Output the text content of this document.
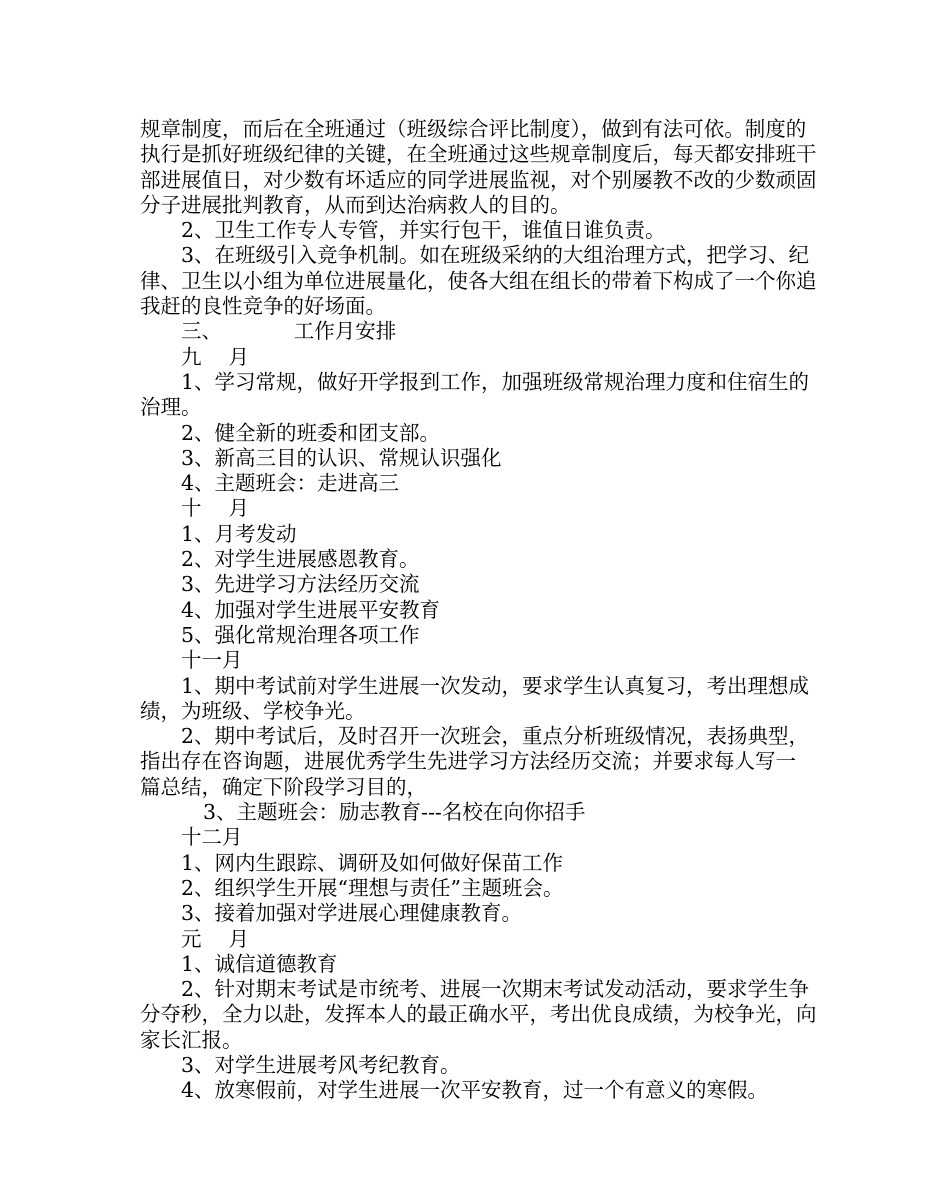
规章制度，而后在全班通过（班级综合评比制度），做到有法可依。制度的执行是抓好班级纪律的关键，在全班通过这些规章制度后，每天都安排班干部进展值日，对少数有坏适应的同学进展监视，对个别屡教不改的少数顽固分子进展批判教育，从而到达治病救人的目的。

2、卫生工作专人专管，并实行包干，谁值日谁负责。

3、在班级引入竞争机制。如在班级采纳的大组治理方式，把学习、纪律、卫生以小组为单位进展量化，使各大组在组长的带着下构成了一个你追我赶的良性竞争的好场面。

三、　　　　工作月安排

九　 月

1、学习常规，做好开学报到工作，加强班级常规治理力度和住宿生的治理。

2、健全新的班委和团支部。

3、新高三目的认识、常规认识强化

4、主题班会：走进高三

十　 月

1、月考发动

2、对学生进展感恩教育。

3、先进学习方法经历交流

4、加强对学生进展平安教育

5、强化常规治理各项工作

十一月

1、期中考试前对学生进展一次发动，要求学生认真复习，考出理想成绩，为班级、学校争光。

2、期中考试后，及时召开一次班会，重点分析班级情况，表扬典型，指出存在咨询题，进展优秀学生先进学习方法经历交流；并要求每人写一篇总结，确定下阶段学习目的，

3、主题班会：励志教育---名校在向你招手

十二月

1、网内生跟踪、调研及如何做好保苗工作

2、组织学生开展“理想与责任”主题班会。

3、接着加强对学进展心理健康教育。

元　 月

1、诚信道德教育

2、针对期末考试是市统考、进展一次期末考试发动活动，要求学生争分夺秒，全力以赴，发挥本人的最正确水平，考出优良成绩，为校争光，向家长汇报。

3、对学生进展考风考纪教育。

4、放寒假前，对学生进展一次平安教育，过一个有意义的寒假。
